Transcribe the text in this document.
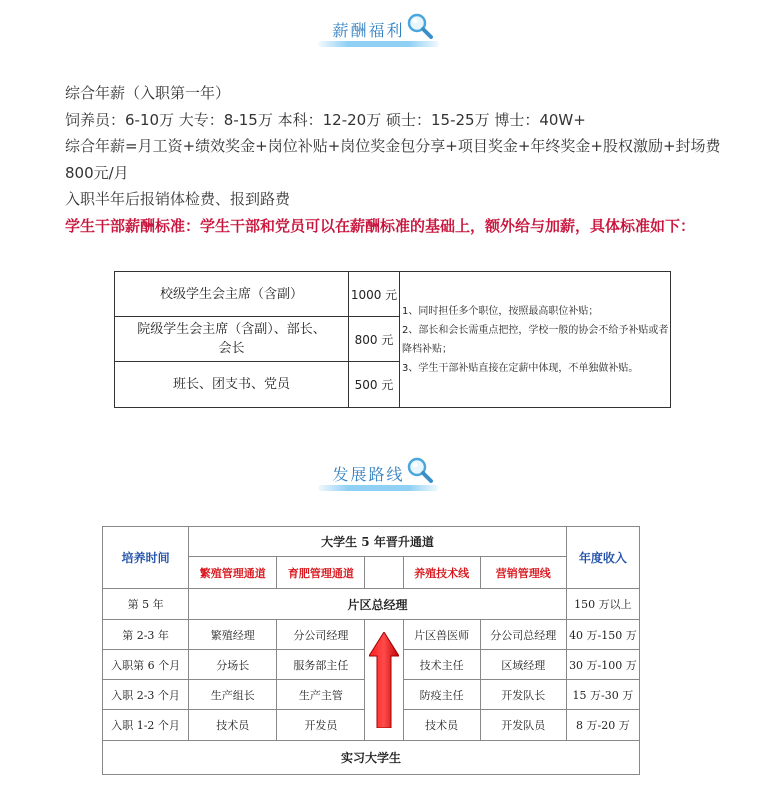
薪酬福利

综合年薪（入职第一年）

饲养员：6-10万 大专：8-15万 本科：12-20万 硕士：15-25万 博士：40W+

综合年薪=月工资+绩效奖金+岗位补贴+岗位奖金包分享+项目奖金+年终奖金+股权激励+封场费800元/月

入职半年后报销体检费、报到路费

学生干部薪酬标准：学生干部和党员可以在薪酬标准的基础上，额外给与加薪，具体标准如下：

校级学生会主席（含副）	1000 元	1、同时担任多个职位，按照最高职位补贴；
2、部长和会长需重点把控，学校一般的协会不给予补贴或者降档补贴；
3、学生干部补贴直接在定薪中体现，不单独做补贴。

院级学生会主席（含副）、部长、会长	800 元	
班长、团支书、党员	500 元	
发展路线
培养时间	大学生 5 年晋升通道					年度收入
	繁殖管理通道	育肥管理通道		养殖技术线	营销管理线	
第 5 年	片区总经理					150 万以上
第 2-3 年	繁殖经理	分公司经理		片区兽医师	分公司总经理	40 万-150 万
入职第 6 个月	分场长	服务部主任		技术主任	区域经理	30 万-100 万
入职 2-3 个月	生产组长	生产主管		防疫主任	开发队长	15 万-30 万
入职 1-2 个月	技术员	开发员		技术员	开发队员	8 万-20 万
实习大学生						
